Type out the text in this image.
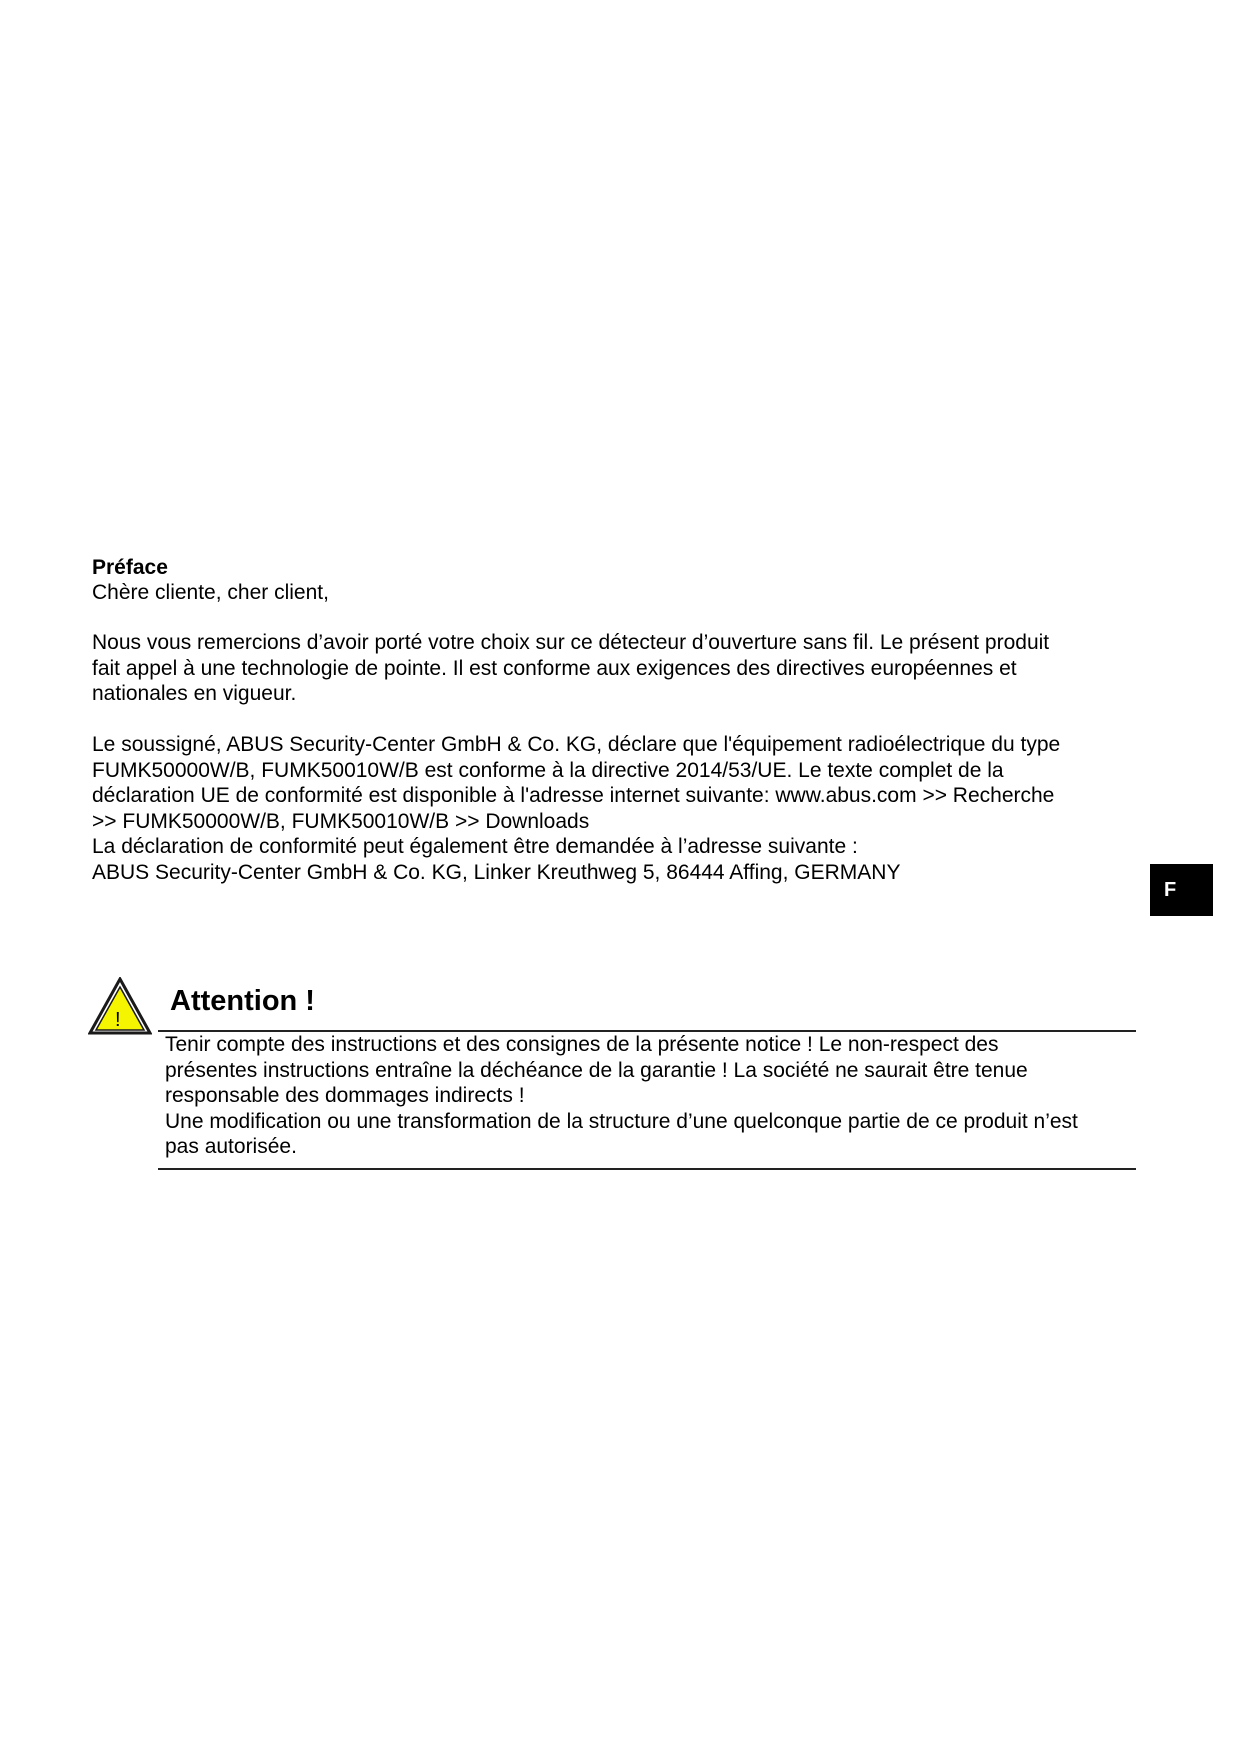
Préface
Chère cliente, cher client,
Nous vous remercions d’avoir porté votre choix sur ce détecteur d’ouverture sans fil. Le présent produit
fait appel à une technologie de pointe. Il est conforme aux exigences des directives européennes et
nationales en vigueur.
Le soussigné, ABUS Security-Center GmbH & Co. KG, déclare que l'équipement radioélectrique du type
FUMK50000W/B, FUMK50010W/B est conforme à la directive 2014/53/UE. Le texte complet de la
déclaration UE de conformité est disponible à l'adresse internet suivante: www.abus.com >> Recherche
>> FUMK50000W/B, FUMK50010W/B >> Downloads
La déclaration de conformité peut également être demandée à l’adresse suivante :
ABUS Security-Center GmbH & Co. KG, Linker Kreuthweg 5, 86444 Affing, GERMANY
F
!
Attention !
Tenir compte des instructions et des consignes de la présente notice ! Le non-respect des
présentes instructions entraîne la déchéance de la garantie ! La société ne saurait être tenue
responsable des dommages indirects !
Une modification ou une transformation de la structure d’une quelconque partie de ce produit n’est
pas autorisée.
